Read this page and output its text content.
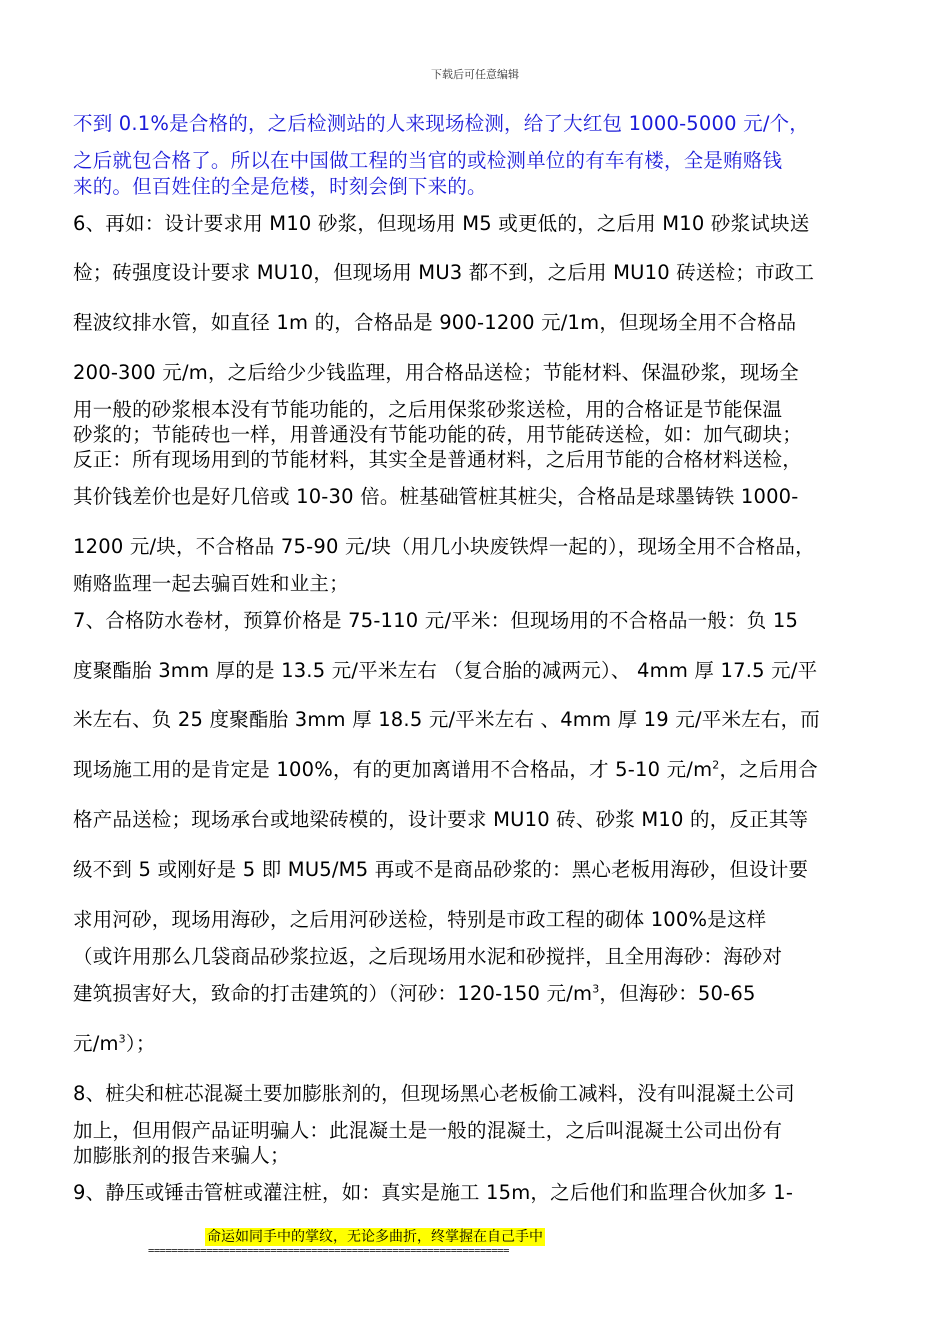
下载后可任意编辑
不到 0.1%是合格的，之后检测站的人来现场检测，给了大红包 1000-5000 元/个，
之后就包合格了。所以在中国做工程的当官的或检测单位的有车有楼，全是贿赂钱
来的。但百姓住的全是危楼，时刻会倒下来的。
6、再如：设计要求用 M10 砂浆，但现场用 M5 或更低的，之后用 M10 砂浆试块送
检；砖强度设计要求 MU10，但现场用 MU3 都不到，之后用 MU10 砖送检；市政工
程波纹排水管，如直径 1m 的，合格品是 900-1200 元/1m，但现场全用不合格品
200-300 元/m，之后给少少钱监理，用合格品送检；节能材料、保温砂浆，现场全
用一般的砂浆根本没有节能功能的，之后用保浆砂浆送检，用的合格证是节能保温
砂浆的；节能砖也一样，用普通没有节能功能的砖，用节能砖送检，如：加气砌块；
反正：所有现场用到的节能材料，其实全是普通材料，之后用节能的合格材料送检，
其价钱差价也是好几倍或 10-30 倍。桩基础管桩其桩尖，合格品是球墨铸铁 1000-
1200 元/块，不合格品 75-90 元/块（用几小块废铁焊一起的），现场全用不合格品，
贿赂监理一起去骗百姓和业主；
7、合格防水卷材，预算价格是 75-110 元/平米：但现场用的不合格品一般：负 15
度聚酯胎 3mm 厚的是 13.5 元/平米左右 （复合胎的减两元）、 4mm 厚 17.5 元/平
米左右、负 25 度聚酯胎 3mm 厚 18.5 元/平米左右 、4mm 厚 19 元/平米左右，而
现场施工用的是肯定是 100%，有的更加离谱用不合格品，才 5-10 元$/m^2$，之后用合
格产品送检；现场承台或地梁砖模的，设计要求 MU10 砖、砂浆 M10 的，反正其等
级不到 5 或刚好是 5 即 MU5/M5 再或不是商品砂浆的：黑心老板用海砂，但设计要
求用河砂，现场用海砂，之后用河砂送检，特别是市政工程的砌体 100%是这样
（或许用那么几袋商品砂浆拉返，之后现场用水泥和砂搅拌，且全用海砂：海砂对
建筑损害好大，致命的打击建筑的）（河砂：120-150 元$/m^3$，但海砂：50-65
元$/m^3$）；
8、桩尖和桩芯混凝土要加膨胀剂的，但现场黑心老板偷工减料，没有叫混凝土公司
加上，但用假产品证明骗人：此混凝土是一般的混凝土，之后叫混凝土公司出份有
加膨胀剂的报告来骗人；
9、静压或锤击管桩或灌注桩，如：真实是施工 15m，之后他们和监理合伙加多 1-
命运如同手中的掌纹，无论多曲折，终掌握在自己手中
==============================================================
